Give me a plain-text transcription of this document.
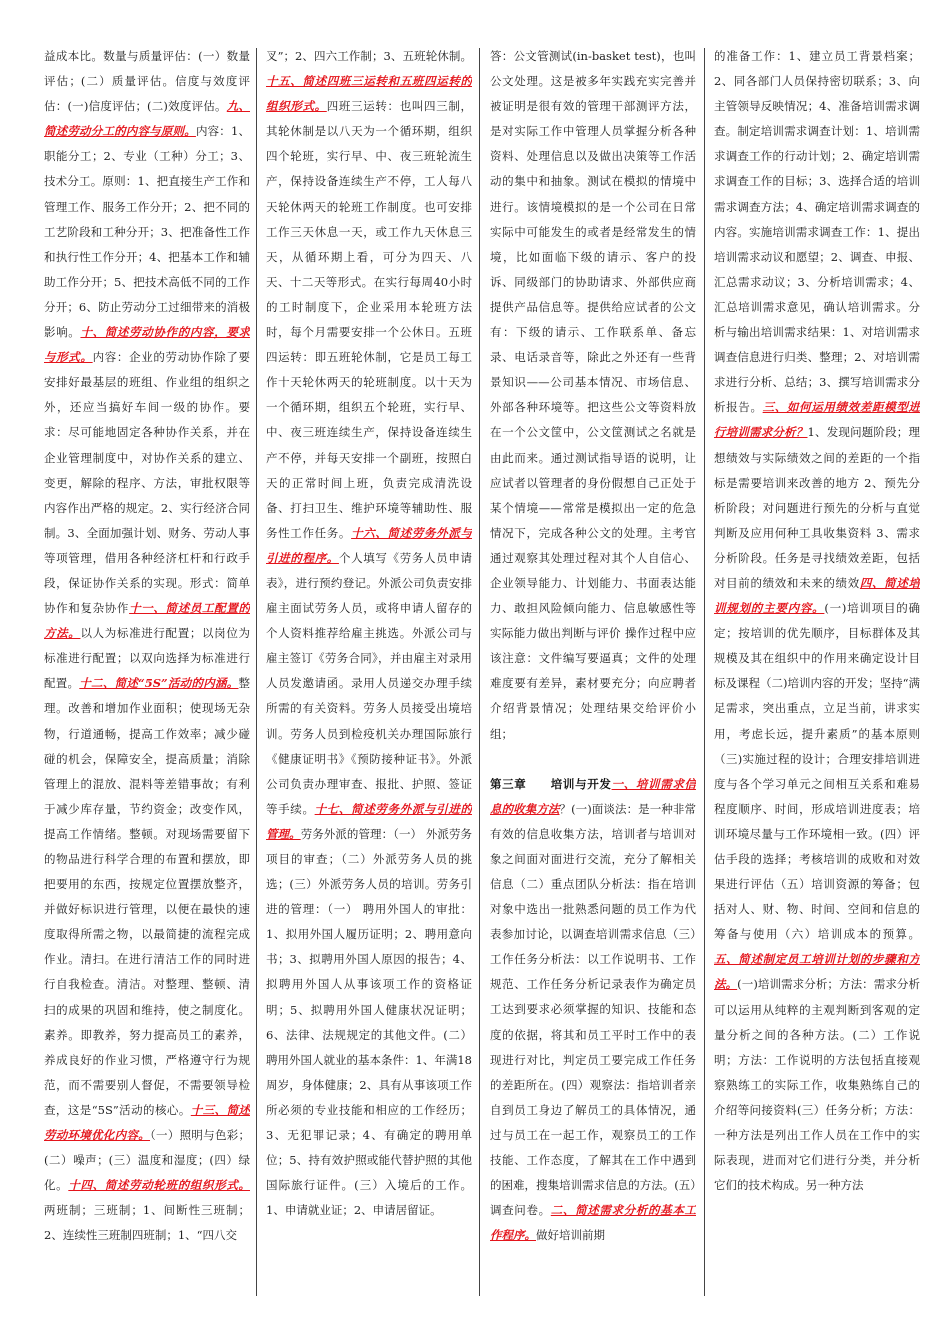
益成本比。数量与质量评估：(一）数量评估；(二）质量评估。信度与效度评估：(一)信度评估；(二)效度评估。九、简述劳动分工的内容与原则。内容：1、职能分工；2、专业（工种）分工；3、技术分工。原则：1、把直接生产工作和管理工作、服务工作分开；2、把不同的工艺阶段和工种分开；3、把准备性工作和执行性工作分开；4、把基本工作和辅助工作分开；5、把技术高低不同的工作分开；6、防止劳动分工过细带来的消极影响。十、简述劳动协作的内容，要求与形式。内容：企业的劳动协作除了要安排好最基层的班组、作业组的组织之外，还应当搞好车间一级的协作。要求：尽可能地固定各种协作关系，并在企业管理制度中，对协作关系的建立、变更，解除的程序、方法，审批权限等内容作出严格的规定。2、实行经济合同制。3、全面加强计划、财务、劳动人事等项管理，借用各种经济杠杆和行政手段，保证协作关系的实现。形式：简单协作和复杂协作十一、简述员工配置的方法。以人为标准进行配置；以岗位为标准进行配置；以双向选择为标准进行配置。十二、简述“5S”活动的内涵。整理。改善和增加作业面积；使现场无杂物，行道通畅，提高工作效率；减少碰碰的机会，保障安全，提高质量；消除管理上的混放、混料等差错事故；有利于减少库存量，节约资金；改变作风，提高工作情绪。整顿。对现场需要留下的物品进行科学合理的布置和摆放，即把要用的东西，按规定位置摆放整齐，并做好标识进行管理，以便在最快的速度取得所需之物，以最简捷的流程完成作业。清扫。在进行清洁工作的同时进行自我检查。清洁。对整理、整顿、清扫的成果的巩固和维持，使之制度化。素养。即教养，努力提高员工的素养，养成良好的作业习惯，严格遵守行为规范，而不需要别人督促，不需要领导检查，这是“5S”活动的核心。十三、简述劳动环境优化内容。（一）照明与色彩；(二）噪声；(三）温度和湿度；(四）绿化。十四、简述劳动轮班的组织形式。两班制；三班制；1、间断性三班制；2、连续性三班制四班制；1、“四八交
叉”；2、四六工作制；3、五班轮休制。十五、简述四班三运转和五班四运转的组织形式。四班三运转：也叫四三制，其轮休制是以八天为一个循环期，组织四个轮班，实行早、中、夜三班轮流生产，保持设备连续生产不停，工人每八天轮休两天的轮班工作制度。也可安排工作三天休息一天，或工作九天休息三天，从循环期上看，可分为四天、八天、十二天等形式。在实行每周40小时的工时制度下，企业采用本轮班方法时，每个月需要安排一个公休日。五班四运转：即五班轮休制，它是员工每工作十天轮休两天的轮班制度。以十天为一个循环期，组织五个轮班，实行早、中、夜三班连续生产，保持设备连续生产不停，并每天安排一个副班，按照白天的正常时间上班，负责完成清洗设备、打扫卫生、维护环境等辅助性、服务性工作任务。十六、简述劳务外派与引进的程序。个人填写《劳务人员申请表》，进行预约登记。外派公司负责安排雇主面试劳务人员，或将申请人留存的个人资料推荐给雇主挑选。外派公司与雇主签订《劳务合同》，并由雇主对录用人员发邀请函。录用人员递交办理手续所需的有关资料。劳务人员接受出境培训。劳务人员到检疫机关办理国际旅行《健康证明书》《预防接种证书》。外派公司负责办理审查、报批、护照、签证等手续。十七、简述劳务外派与引进的管理。劳务外派的管理：（一） 外派劳务项目的审查；（二）外派劳务人员的挑选；(三）外派劳务人员的培训。劳务引进的管理：（一） 聘用外国人的审批：1、拟用外国人履历证明；2、聘用意向书；3、拟聘用外国人原因的报告；4、拟聘用外国人从事该项工作的资格证明；5、拟聘用外国人健康状况证明；6、法律、法规规定的其他文件。(二）聘用外国人就业的基本条件：1、年满18周岁，身体健康；2、具有从事该项工作所必须的专业技能和相应的工作经历；3、无犯罪记录；4、有确定的聘用单位；5、持有效护照或能代替护照的其他国际旅行证件。(三）入境后的工作。1、申请就业证；2、申请居留证。
答：公文管测试(in-basket test)，也叫公文处理。这是被多年实践充实完善并被证明是很有效的管理干部测评方法，是对实际工作中管理人员掌握分析各种资料、处理信息以及做出决策等工作活动的集中和抽象。测试在模拟的情境中进行。该情境模拟的是一个公司在日常实际中可能发生的或者是经常发生的情境，比如面临下级的请示、客户的投诉、同级部门的协助请求、外部供应商提供产品信息等。提供给应试者的公文有：下级的请示、工作联系单、备忘录、电话录音等，除此之外还有一些背景知识——公司基本情况、市场信息、外部各种环境等。把这些公文等资料放在一个公文筐中，公文筐测试之名就是由此而来。通过测试指导语的说明，让应试者以管理者的身份假想自己正处于某个情境——常常是模拟出一定的危急情况下，完成各种公文的处理。主考官通过观察其处理过程对其个人自信心、企业领导能力、计划能力、书面表达能力、敢担风险倾向能力、信息敏感性等实际能力做出判断与评价 操作过程中应该注意：文件编写要逼真；文件的处理难度要有差异，素材要充分；向应聘者介绍背景情况；处理结果交给评价小组；
第三章　　培训与开发一、培训需求信息的收集方法？(一)面谈法：是一种非常有效的信息收集方法，培训者与培训对象之间面对面进行交流，充分了解相关信息（二）重点团队分析法：指在培训对象中选出一批熟悉问题的员工作为代表参加讨论，以调查培训需求信息（三）工作任务分析法：以工作说明书、工作规范、工作任务分析记录表作为确定员工达到要求必须掌握的知识、技能和态度的依据，将其和员工平时工作中的表现进行对比，判定员工要完成工作任务的差距所在。(四）观察法：指培训者亲自到员工身边了解员工的具体情况，通过与员工在一起工作，观察员工的工作技能、工作态度，了解其在工作中遇到的困难，搜集培训需求信息的方法。(五）调查问卷。二、简述需求分析的基本工作程序。做好培训前期
的准备工作：1、建立员工背景档案；2、同各部门人员保持密切联系；3、向主管领导反映情况；4、准备培训需求调查。制定培训需求调查计划：1、培训需求调查工作的行动计划；2、确定培训需求调查工作的目标；3、选择合适的培训需求调查方法；4、确定培训需求调查的内容。实施培训需求调查工作：1、提出培训需求动议和愿望；2、调查、申报、汇总需求动议；3、分析培训需求；4、汇总培训需求意见，确认培训需求。分析与输出培训需求结果：1、对培训需求调查信息进行归类、整理；2、对培训需求进行分析、总结；3、撰写培训需求分析报告。三、如何运用绩效差距模型进行培训需求分析？1、发现问题阶段；理想绩效与实际绩效之间的差距的一个指标是需要培训来改善的地方 2、预先分析阶段；对问题进行预先的分析与直觉判断及应用何种工具收集资料 3、需求分析阶段。任务是寻找绩效差距，包括对目前的绩效和未来的绩效四、简述培训规划的主要内容。(一)培训项目的确定；按培训的优先顺序，目标群体及其规模及其在组织中的作用来确定设计目标及课程（二)培训内容的开发；坚持“满足需求，突出重点，立足当前，讲求实用，考虑长远，提升素质”的基本原则（三)实施过程的设计；合理安排培训进度与各个学习单元之间相互关系和难易程度顺序、时间，形成培训进度表；培训环境尽量与工作环境相一致。(四）评估手段的选择；考核培训的成败和对效果进行评估（五）培训资源的筹备；包括对人、财、物、时间、空间和信息的筹备与使用（六）培训成本的预算。五、简述制定员工培训计划的步骤和方法。(一)培训需求分析；方法：需求分析可以运用从纯粹的主观判断到客观的定量分析之间的各种方法。(二）工作说明；方法：工作说明的方法包括直接观察熟练工的实际工作，收集熟练自己的介绍等问接资料(三）任务分析；方法：一种方法是列出工作人员在工作中的实际表现，进而对它们进行分类，并分析它们的技术构成。另一种方法
